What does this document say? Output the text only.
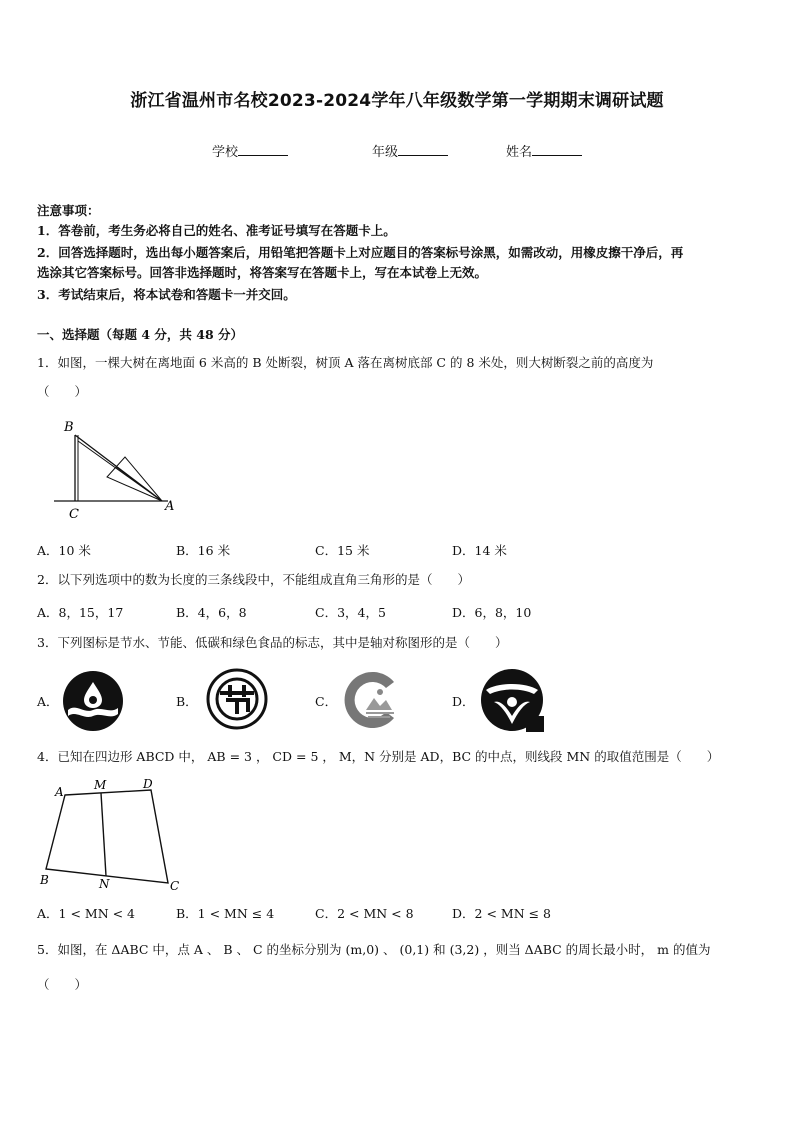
浙江省温州市名校2023-2024学年八年级数学第一学期期末调研试题
学校	年级	姓名
注意事项：
1．答卷前，考生务必将自己的姓名、准考证号填写在答题卡上。
2．回答选择题时，选出每小题答案后，用铅笔把答题卡上对应题目的答案标号涂黑，如需改动，用橡皮擦干净后，再
选涂其它答案标号。回答非选择题时，将答案写在答题卡上，写在本试卷上无效。
3．考试结束后，将本试卷和答题卡一并交回。
一、选择题（每题 4 分，共 48 分）
1．如图，一棵大树在离地面 6 米高的 B 处断裂，树顶 A 落在离树底部 C 的 8 米处，则大树断裂之前的高度为
（　　）
B
C
A
A．10 米	B．16 米	C．15 米	D．14 米
2．以下列选项中的数为长度的三条线段中，不能组成直角三角形的是（　　）
A．8，15，17	B．4，6，8	C．3，4，5	D．6，8，10
3．下列图标是节水、节能、低碳和绿色食品的标志，其中是轴对称图形的是（　　）
A．	B．	C．	D．
4．已知在四边形 ABCD 中， AB = 3 ， CD = 5 ， M，N 分别是 AD，BC 的中点，则线段 MN 的取值范围是（　　）
A	M	D
B	N	C
A．1 < MN < 4	B．1 < MN ≤ 4	C．2 < MN < 8	D．2 < MN ≤ 8
5．如图，在 ΔABC 中，点 A 、 B 、 C 的坐标分别为 (m,0) 、 (0,1) 和 (3,2) ，则当 ΔABC 的周长最小时， m 的值为
（　　）
